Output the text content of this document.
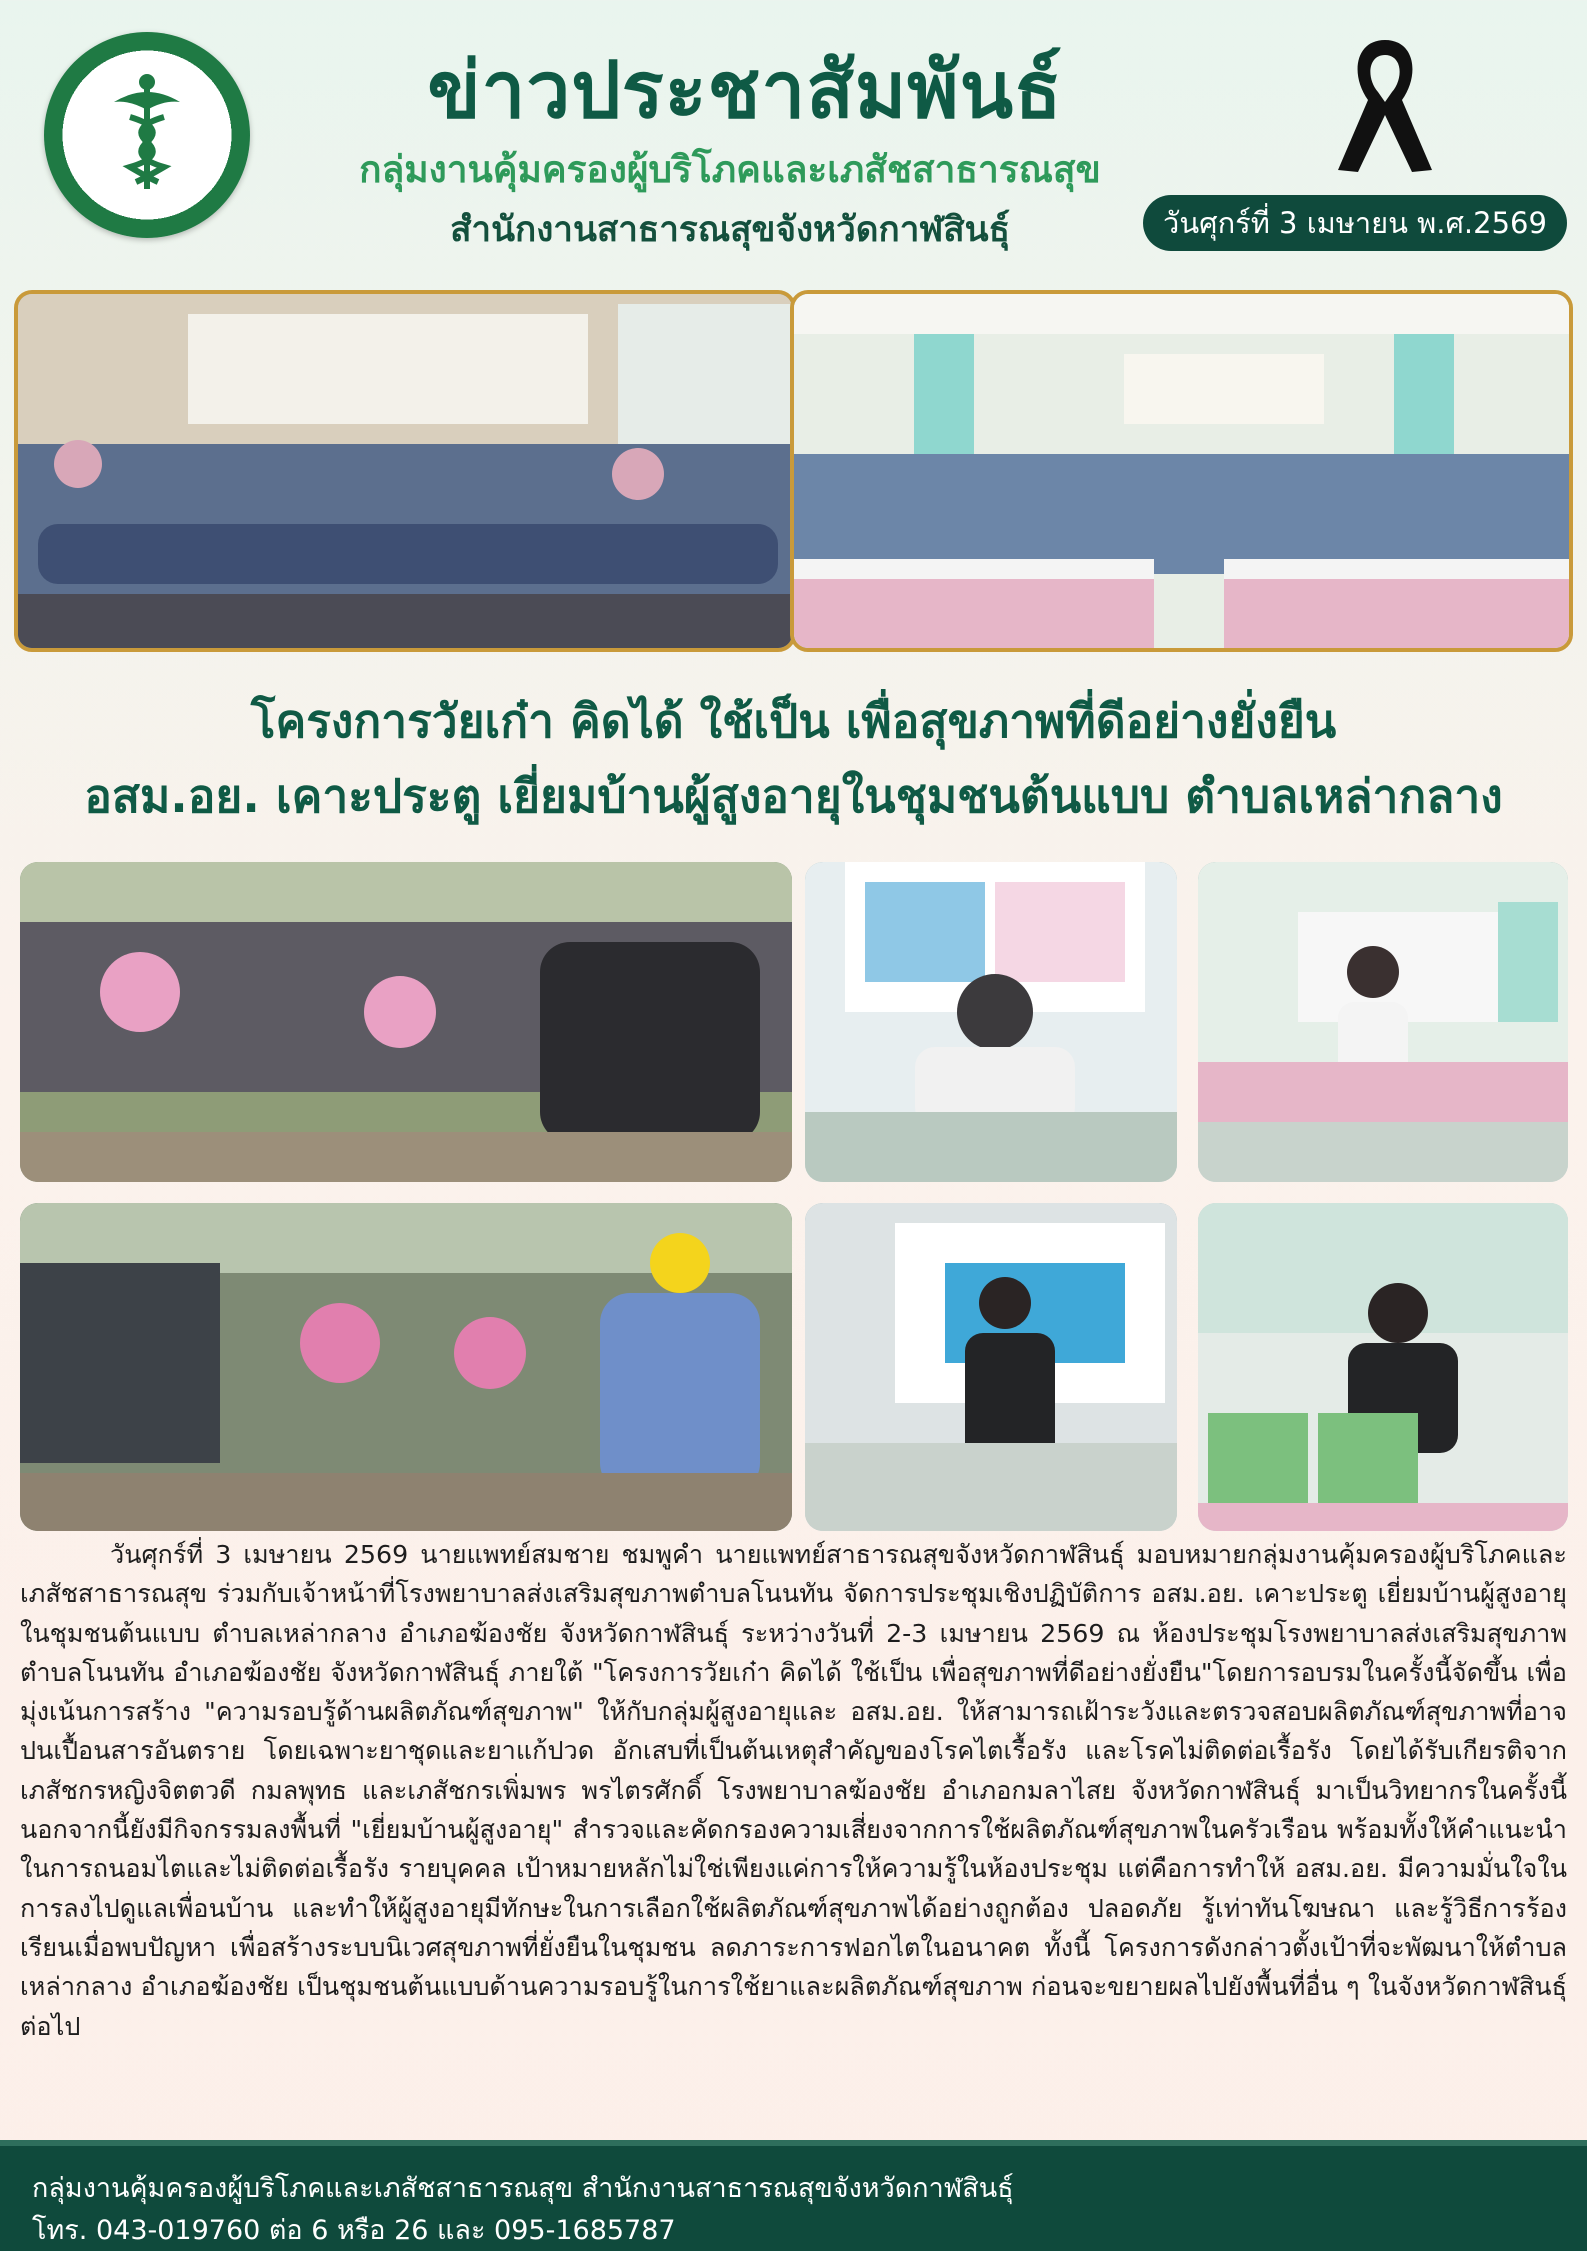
กระทรวงสาธารณสุข
MINISTRY OF PUBLIC HEALTH
ข่าวประชาสัมพันธ์
กลุ่มงานคุ้มครองผู้บริโภคและเภสัชสาธารณสุข
สำนักงานสาธารณสุขจังหวัดกาฬสินธุ์	วันศุกร์ที่ 3 เมษายน พ.ศ.2569
โครงการวัยเก๋า คิดได้ ใช้เป็น เพื่อสุขภาพที่ดีอย่างยั่งยืน
อสม.อย. เคาะประตู เยี่ยมบ้านผู้สูงอายุในชุมชนต้นแบบ ตำบลเหล่ากลาง
วันศุกร์ที่ 3 เมษายน 2569 นายแพทย์สมชาย ชมพูคำ นายแพทย์สาธารณสุขจังหวัดกาฬสินธุ์ มอบหมายกลุ่มงานคุ้มครองผู้บริโภคและเภสัชสาธารณสุข ร่วมกับเจ้าหน้าที่โรงพยาบาลส่งเสริมสุขภาพตำบลโนนทัน จัดการประชุมเชิงปฏิบัติการ อสม.อย. เคาะประตู เยี่ยมบ้านผู้สูงอายุในชุมชนต้นแบบ ตำบลเหล่ากลาง อำเภอฆ้องชัย จังหวัดกาฬสินธุ์ ระหว่างวันที่ 2-3 เมษายน 2569 ณ ห้องประชุมโรงพยาบาลส่งเสริมสุขภาพตำบลโนนทัน อำเภอฆ้องชัย จังหวัดกาฬสินธุ์ ภายใต้ "โครงการวัยเก๋า คิดได้ ใช้เป็น เพื่อสุขภาพที่ดีอย่างยั่งยืน"โดยการอบรมในครั้งนี้จัดขึ้น เพื่อมุ่งเน้นการสร้าง "ความรอบรู้ด้านผลิตภัณฑ์สุขภาพ" ให้กับกลุ่มผู้สูงอายุและ อสม.อย. ให้สามารถเฝ้าระวังและตรวจสอบผลิตภัณฑ์สุขภาพที่อาจปนเปื้อนสารอันตราย โดยเฉพาะยาชุดและยาแก้ปวด อักเสบที่เป็นต้นเหตุสำคัญของโรคไตเรื้อรัง และโรคไม่ติดต่อเรื้อรัง โดยได้รับเกียรติจากเภสัชกรหญิงจิตตวดี กมลพุทธ และเภสัชกรเพิ่มพร พรไตรศักดิ์ โรงพยาบาลฆ้องชัย อำเภอกมลาไสย จังหวัดกาฬสินธุ์ มาเป็นวิทยากรในครั้งนี้ นอกจากนี้ยังมีกิจกรรมลงพื้นที่ "เยี่ยมบ้านผู้สูงอายุ" สำรวจและคัดกรองความเสี่ยงจากการใช้ผลิตภัณฑ์สุขภาพในครัวเรือน พร้อมทั้งให้คำแนะนำในการถนอมไตและไม่ติดต่อเรื้อรัง รายบุคคล เป้าหมายหลักไม่ใช่เพียงแค่การให้ความรู้ในห้องประชุม แต่คือการทำให้ อสม.อย. มีความมั่นใจในการลงไปดูแลเพื่อนบ้าน และทำให้ผู้สูงอายุมีทักษะในการเลือกใช้ผลิตภัณฑ์สุขภาพได้อย่างถูกต้อง ปลอดภัย รู้เท่าทันโฆษณา และรู้วิธีการร้องเรียนเมื่อพบปัญหา เพื่อสร้างระบบนิเวศสุขภาพที่ยั่งยืนในชุมชน ลดภาระการฟอกไตในอนาคต ทั้งนี้ โครงการดังกล่าวตั้งเป้าที่จะพัฒนาให้ตำบลเหล่ากลาง อำเภอฆ้องชัย เป็นชุมชนต้นแบบด้านความรอบรู้ในการใช้ยาและผลิตภัณฑ์สุขภาพ ก่อนจะขยายผลไปยังพื้นที่อื่น ๆ ในจังหวัดกาฬสินธุ์ต่อไป
กลุ่มงานคุ้มครองผู้บริโภคและเภสัชสาธารณสุข สำนักงานสาธารณสุขจังหวัดกาฬสินธุ์
โทร. 043-019760 ต่อ 6 หรือ 26 และ 095-1685787
